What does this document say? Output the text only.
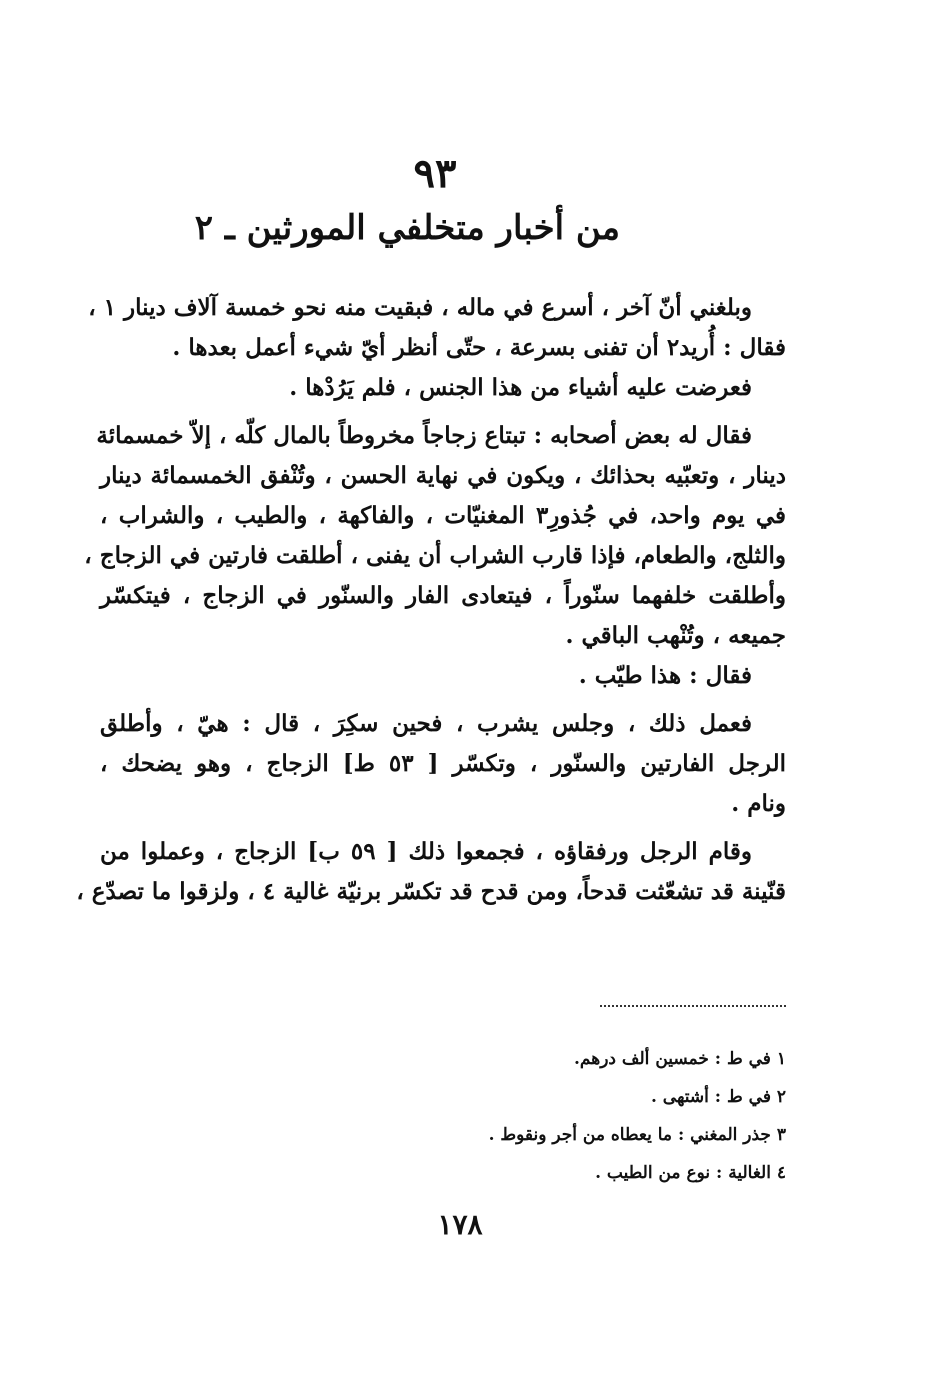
٩٣
من أخبار متخلفي المورثين ـ ٢
وبلغني أنّ آخر ، أسرع في ماله ، فبقيت منه نحو خمسة آلاف دينار ١ ،
فقال : أُريد٢ أن تفنى بسرعة ، حتّى أنظر أيّ شيء أعمل بعدها .
فعرضت عليه أشياء من هذا الجنس ، فلم يَرُدْها .
فقال له بعض أصحابه : تبتاع زجاجاً مخروطاً بالمال كلّه ، إلاّ خمسمائة
دينار ، وتعبّيه بحذائك ، ويكون في نهاية الحسن ، وتُنْفق الخمسمائة دينار
في يوم واحد، في جُذورِ٣ المغنيّات ، والفاكهة ، والطيب ، والشراب ،
والثلج، والطعام، فإذا قارب الشراب أن يفنى ، أطلقت فارتين في الزجاج ،
وأطلقت خلفهما سنّوراً ، فيتعادى الفار والسنّور في الزجاج ، فيتكسّر
جميعه ، وتُنْهب الباقي .
فقال : هذا طيّب .
فعمل ذلك ، وجلس يشرب ، فحين سكِرَ ، قال : هيّ ، وأطلق
الرجل الفارتين والسنّور ، وتكسّر [ ٥٣ ط] الزجاج ، وهو يضحك ،
ونام .
وقام الرجل ورفقاؤه ، فجمعوا ذلك [ ٥٩ ب] الزجاج ، وعملوا من
قنّينة قد تشعّثت قدحاً، ومن قدح قد تكسّر برنيّة غالية ٤ ، ولزقوا ما تصدّع ،
١ في ط : خمسين ألف درهم.
٢ في ط : أشتهى .
٣ جذر المغني : ما يعطاه من أجر ونقوط .
٤ الغالية : نوع من الطيب .
١٧٨
